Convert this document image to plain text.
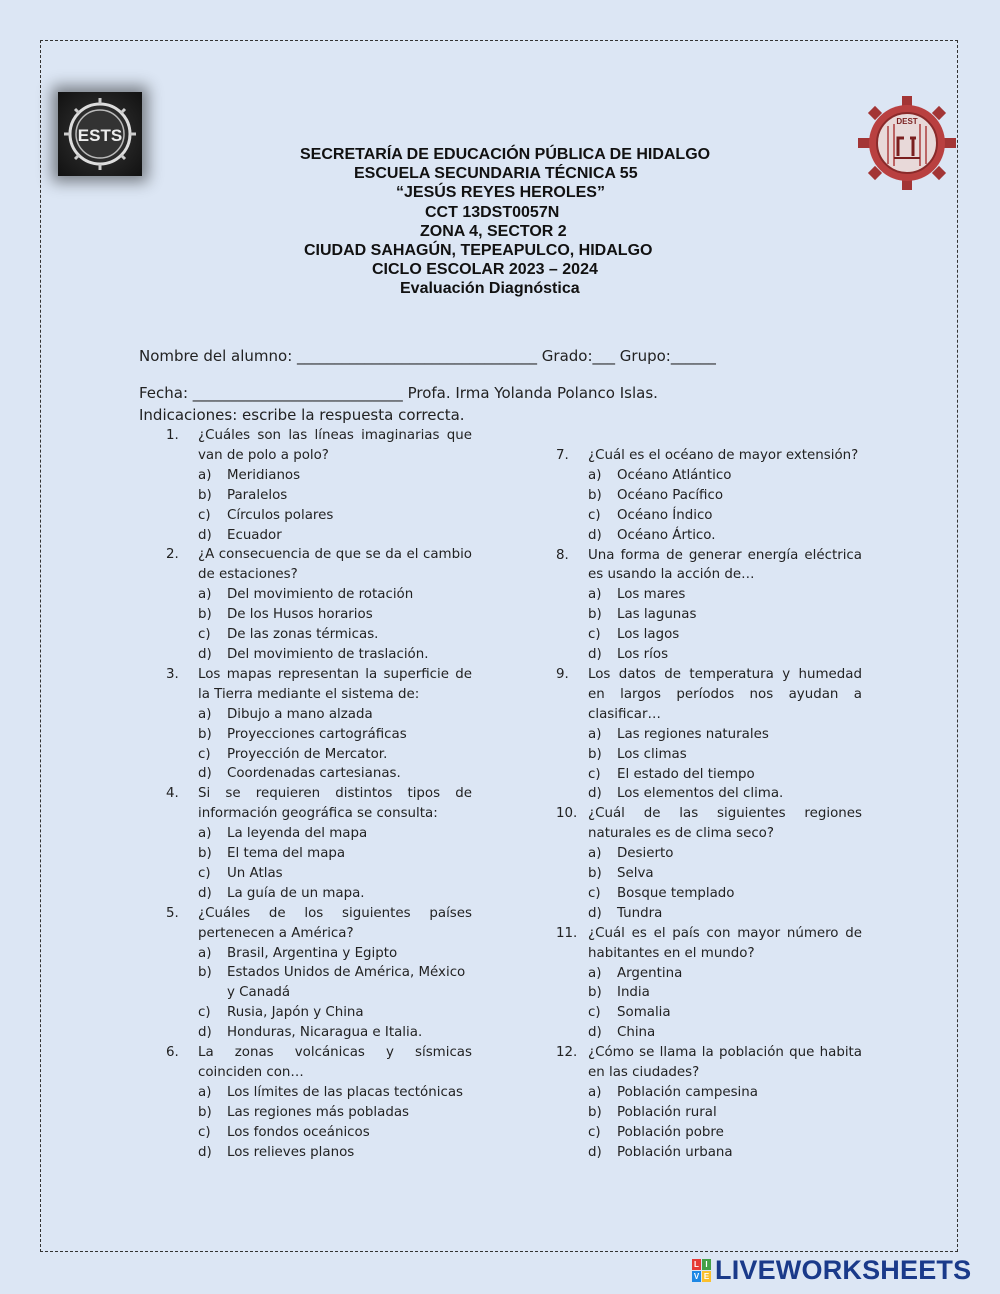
ESTS
DEST
SECRETARÍA DE EDUCACIÓN PÚBLICA DE HIDALGO
ESCUELA SECUNDARIA TÉCNICA 55
“JESÚS REYES HEROLES”
CCT 13DST0057N
ZONA 4, SECTOR 2
CIUDAD SAHAGÚN, TEPEAPULCO, HIDALGO
CICLO ESCOLAR 2023 – 2024
Evaluación Diagnóstica
Nombre del alumno: ________________________________ Grado:___ Grupo:______
Fecha: ____________________________ Profa. Irma Yolanda Polanco Islas.
Indicaciones: escribe la respuesta correcta.
1.	¿Cuáles son las líneas imaginarias que van de polo a polo?
a)	Meridianos
b)	Paralelos
c)	Círculos polares
d)	Ecuador
2.	¿A consecuencia de que se da el cambio de estaciones?
a)	Del movimiento de rotación
b)	De los Husos horarios
c)	De las zonas térmicas.
d)	Del movimiento de traslación.
3.	Los mapas representan la superficie de la Tierra mediante el sistema de:
a)	Dibujo a mano alzada
b)	Proyecciones cartográficas
c)	Proyección de Mercator.
d)	Coordenadas cartesianas.
4.	Si se requieren distintos tipos de información geográfica se consulta:
a)	La leyenda del mapa
b)	El tema del mapa
c)	Un Atlas
d)	La guía de un mapa.
5.	¿Cuáles de los siguientes países pertenecen a América?
a)	Brasil, Argentina y Egipto
b)	Estados Unidos de América, México y Canadá
c)	Rusia, Japón y China
d)	Honduras, Nicaragua e Italia.
6.	La zonas volcánicas y sísmicas coinciden con…
a)	Los límites de las placas tectónicas
b)	Las regiones más pobladas
c)	Los fondos oceánicos
d)	Los relieves planos
7.	¿Cuál es el océano de mayor extensión?
a)	Océano Atlántico
b)	Océano Pacífico
c)	Océano Índico
d)	Océano Ártico.
8.	Una forma de generar energía eléctrica es usando la acción de…
a)	Los mares
b)	Las lagunas
c)	Los lagos
d)	Los ríos
9.	Los datos de temperatura y humedad en largos períodos nos ayudan a clasificar…
a)	Las regiones naturales
b)	Los climas
c)	El estado del tiempo
d)	Los elementos del clima.
10. ¿Cuál de las siguientes regiones naturales es de clima seco?
a)	Desierto
b)	Selva
c)	Bosque templado
d)	Tundra
11. ¿Cuál es el país con mayor número de habitantes en el mundo?
a)	Argentina
b)	India
c)	Somalia
d)	China
12. ¿Cómo se llama la población que habita en las ciudades?
a)	Población campesina
b)	Población rural
c)	Población pobre
d)	Población urbana
L I
V E LIVEWORKSHEETS
